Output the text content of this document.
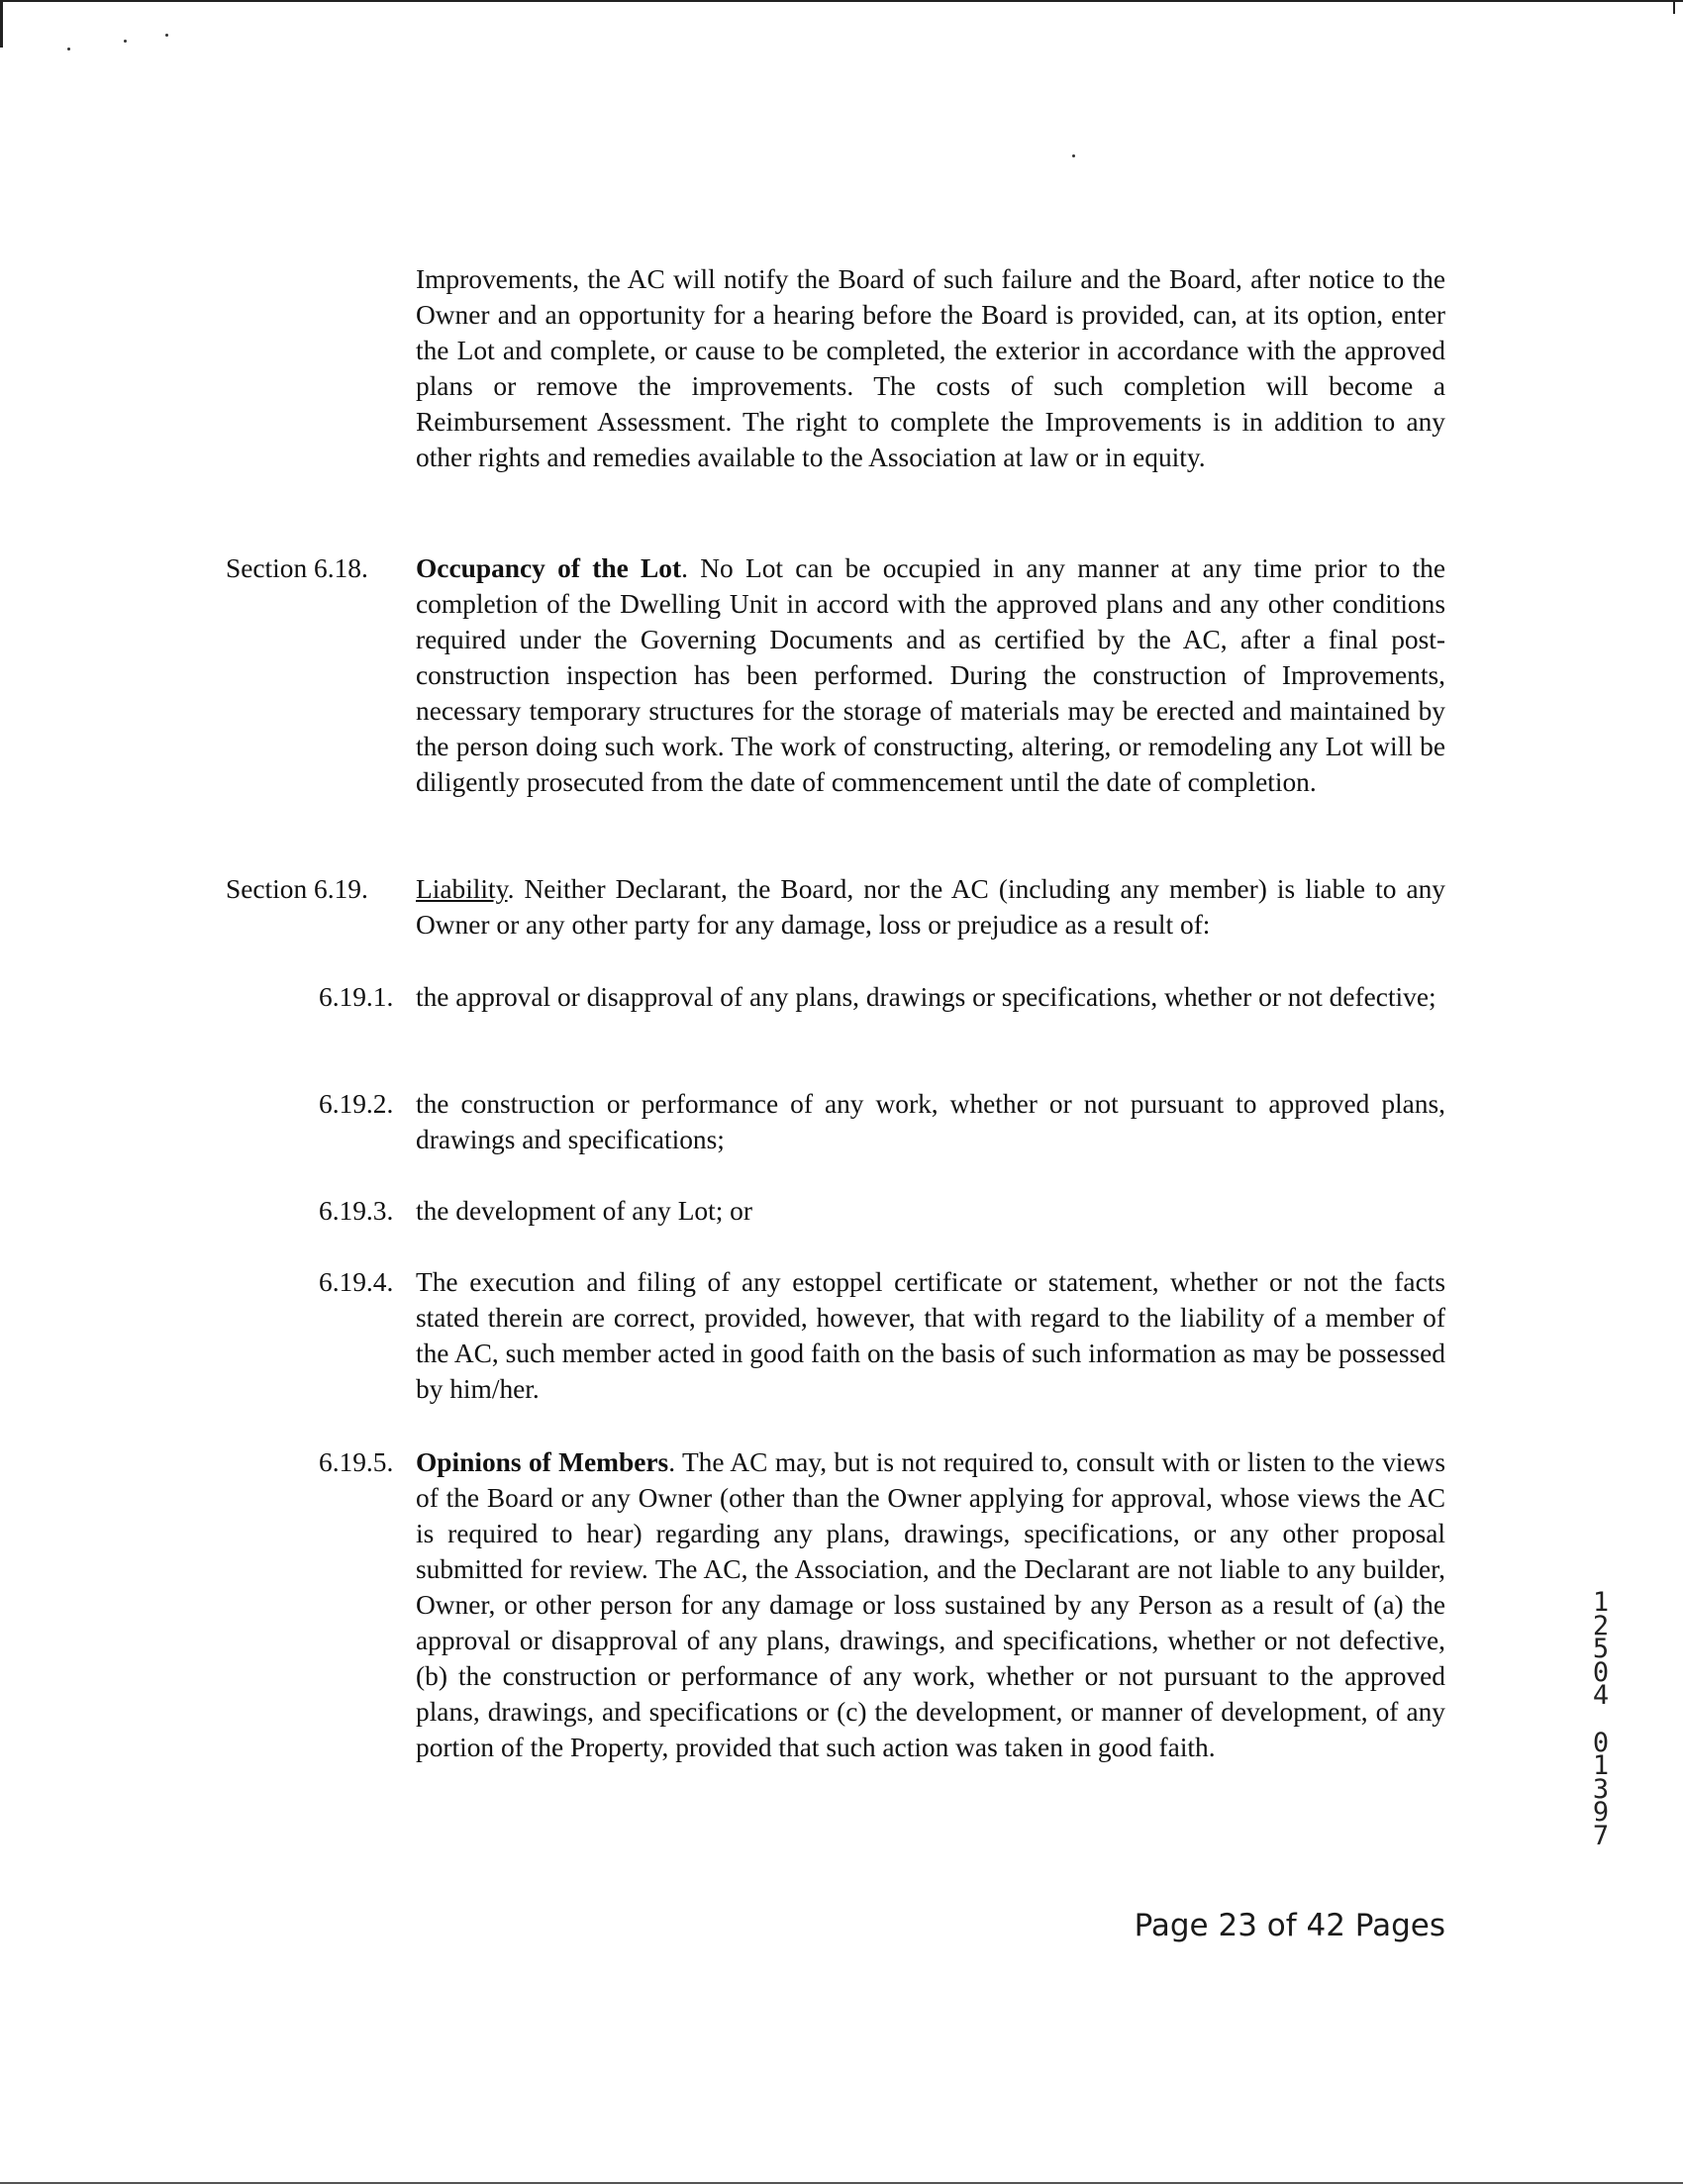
Improvements, the AC will notify the Board of such failure and the Board, after notice to the Owner and an opportunity for a hearing before the Board is provided, can, at its option, enter the Lot and complete, or cause to be completed, the exterior in accordance with the approved plans or remove the improvements. The costs of such completion will become a Reimbursement Assessment. The right to complete the Improvements is in addition to any other rights and remedies available to the Association at law or in equity.
Section 6.18. Occupancy of the Lot. No Lot can be occupied in any manner at any time prior to the completion of the Dwelling Unit in accord with the approved plans and any other conditions required under the Governing Documents and as certified by the AC, after a final post-construction inspection has been performed. During the construction of Improvements, necessary temporary structures for the storage of materials may be erected and maintained by the person doing such work. The work of constructing, altering, or remodeling any Lot will be diligently prosecuted from the date of commencement until the date of completion.
Section 6.19. Liability. Neither Declarant, the Board, nor the AC (including any member) is liable to any Owner or any other party for any damage, loss or prejudice as a result of:
6.19.1. the approval or disapproval of any plans, drawings or specifications, whether or not defective;
6.19.2. the construction or performance of any work, whether or not pursuant to approved plans, drawings and specifications;
6.19.3. the development of any Lot; or
6.19.4. The execution and filing of any estoppel certificate or statement, whether or not the facts stated therein are correct, provided, however, that with regard to the liability of a member of the AC, such member acted in good faith on the basis of such information as may be possessed by him/her.
6.19.5. Opinions of Members. The AC may, but is not required to, consult with or listen to the views of the Board or any Owner (other than the Owner applying for approval, whose views the AC is required to hear) regarding any plans, drawings, specifications, or any other proposal submitted for review. The AC, the Association, and the Declarant are not liable to any builder, Owner, or other person for any damage or loss sustained by any Person as a result of (a) the approval or disapproval of any plans, drawings, and specifications, whether or not defective, (b) the construction or performance of any work, whether or not pursuant to the approved plans, drawings, and specifications or (c) the development, or manner of development, of any portion of the Property, provided that such action was taken in good faith.
1
2
5
0
4

0
1
3
9
7
Page 23 of 42 Pages
